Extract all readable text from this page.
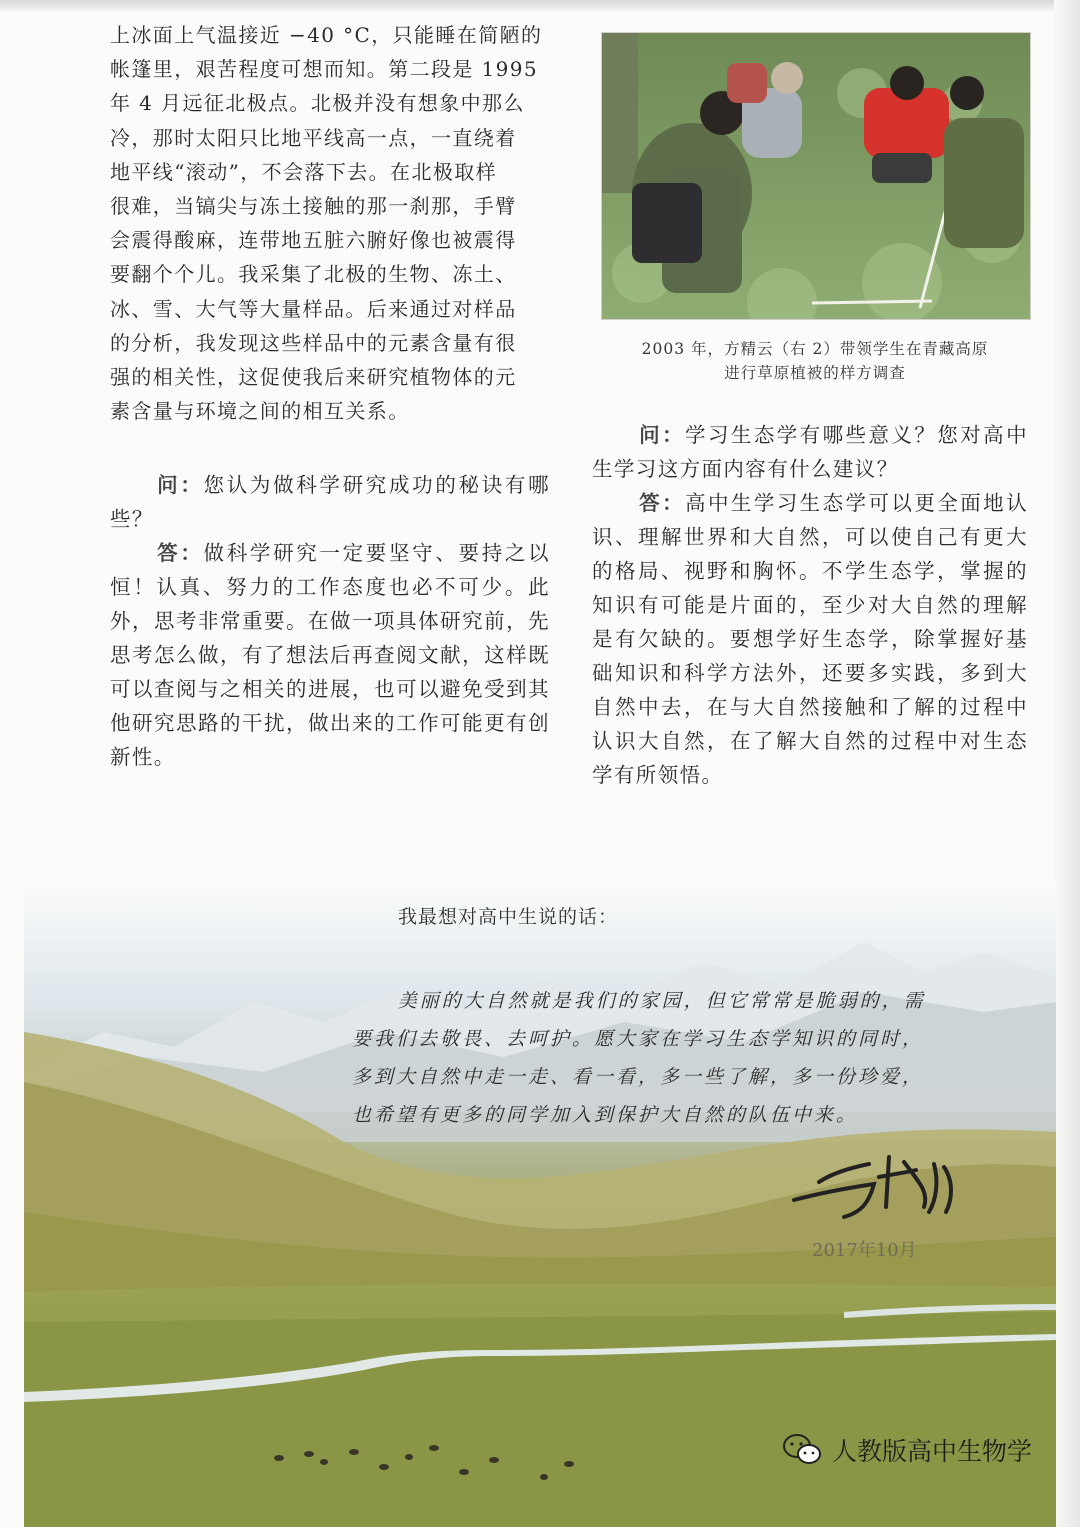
上冰面上气温接近 −40 °C，只能睡在简陋的
帐篷里，艰苦程度可想而知。第二段是 1995
年 4 月远征北极点。北极并没有想象中那么
冷，那时太阳只比地平线高一点，一直绕着
地平线“滚动”，不会落下去。在北极取样
很难，当镐尖与冻土接触的那一刹那，手臂
会震得酸麻，连带地五脏六腑好像也被震得
要翻个个儿。我采集了北极的生物、冻土、
冰、雪、大气等大量样品。后来通过对样品
的分析，我发现这些样品中的元素含量有很
强的相关性，这促使我后来研究植物体的元
素含量与环境之间的相互关系。

问：您认为做科学研究成功的秘诀有哪些？

答：做科学研究一定要坚守、要持之以恒！认真、努力的工作态度也必不可少。此外，思考非常重要。在做一项具体研究前，先思考怎么做，有了想法后再查阅文献，这样既可以查阅与之相关的进展，也可以避免受到其他研究思路的干扰，做出来的工作可能更有创新性。

2003 年，方精云（右 2）带领学生在青藏高原
进行草原植被的样方调查

问：学习生态学有哪些意义？您对高中生学习这方面内容有什么建议？

答：高中生学习生态学可以更全面地认识、理解世界和大自然，可以使自己有更大的格局、视野和胸怀。不学生态学，掌握的知识有可能是片面的，至少对大自然的理解是有欠缺的。要想学好生态学，除掌握好基础知识和科学方法外，还要多实践，多到大自然中去，在与大自然接触和了解的过程中认识大自然，在了解大自然的过程中对生态学有所领悟。

我最想对高中生说的话：
美丽的大自然就是我们的家园，但它常常是脆弱的，需
要我们去敬畏、去呵护。愿大家在学习生态学知识的同时，
多到大自然中走一走、看一看，多一些了解，多一份珍爱，
也希望有更多的同学加入到保护大自然的队伍中来。
2017年10月
人教版高中生物学
